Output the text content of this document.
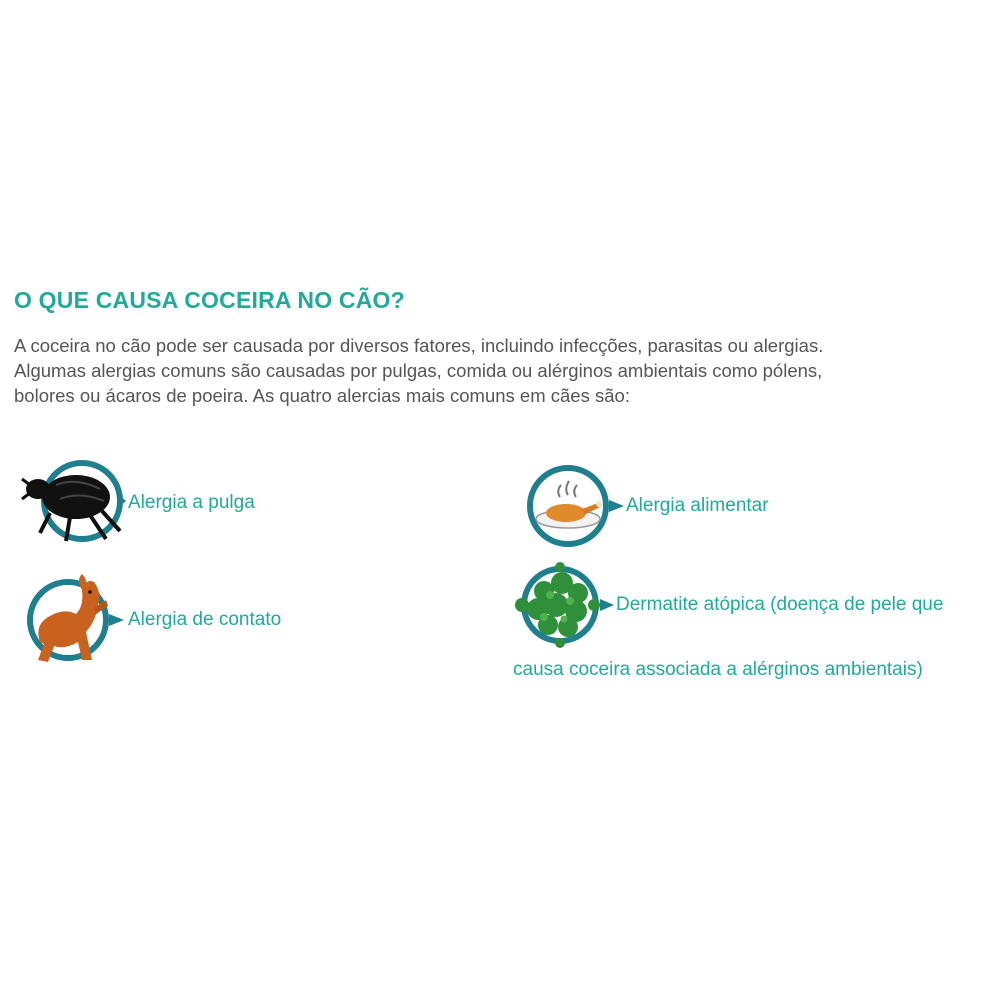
O QUE CAUSA COCEIRA NO CÃO?

A coceira no cão pode ser causada por diversos fatores, incluindo infecções, parasitas ou alergias.
Algumas alergias comuns são causadas por pulgas, comida ou alérginos ambientais como pólens,
bolores ou ácaros de poeira. As quatro alercias mais comuns em cães são:

Alergia a pulga	Alergia alimentar
Alergia de contato
Dermatite atópica (doença de pele que
causa coceira associada a alérginos ambientais)
